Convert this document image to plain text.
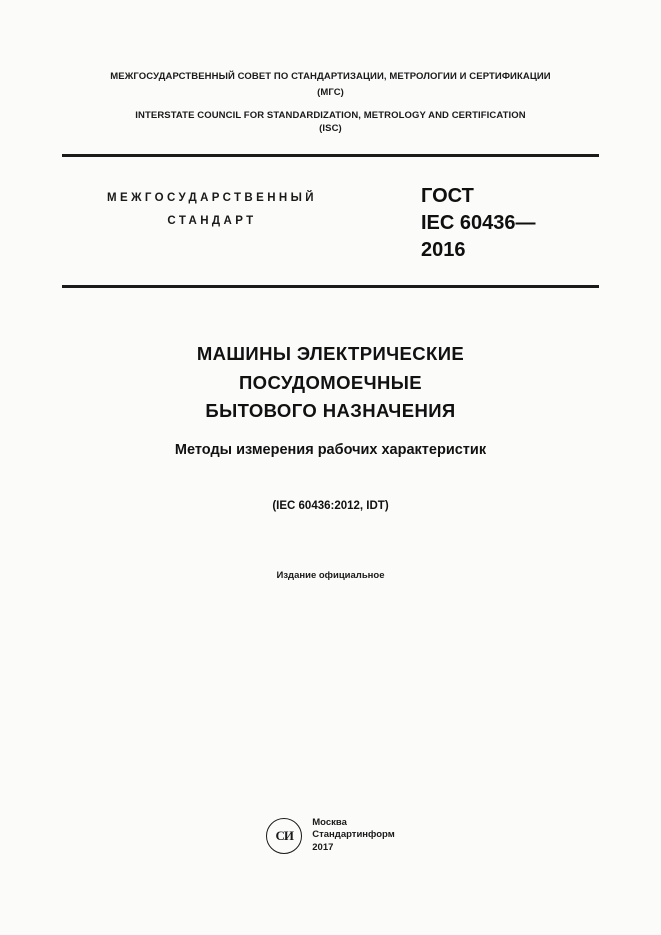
МЕЖГОСУДАРСТВЕННЫЙ СОВЕТ ПО СТАНДАРТИЗАЦИИ, МЕТРОЛОГИИ И СЕРТИФИКАЦИИ
(МГС)
INTERSTATE COUNCIL FOR STANDARDIZATION, METROLOGY AND CERTIFICATION
(ISC)
МЕЖГОСУДАРСТВЕННЫЙ
СТАНДАРТ
ГОСТ
IEC 60436—
2016
МАШИНЫ ЭЛЕКТРИЧЕСКИЕ
ПОСУДОМОЕЧНЫЕ
БЫТОВОГО НАЗНАЧЕНИЯ
Методы измерения рабочих характеристик
(IEC 60436:2012, IDT)
Издание официальное
СИ
Москва
Стандартинформ
2017
